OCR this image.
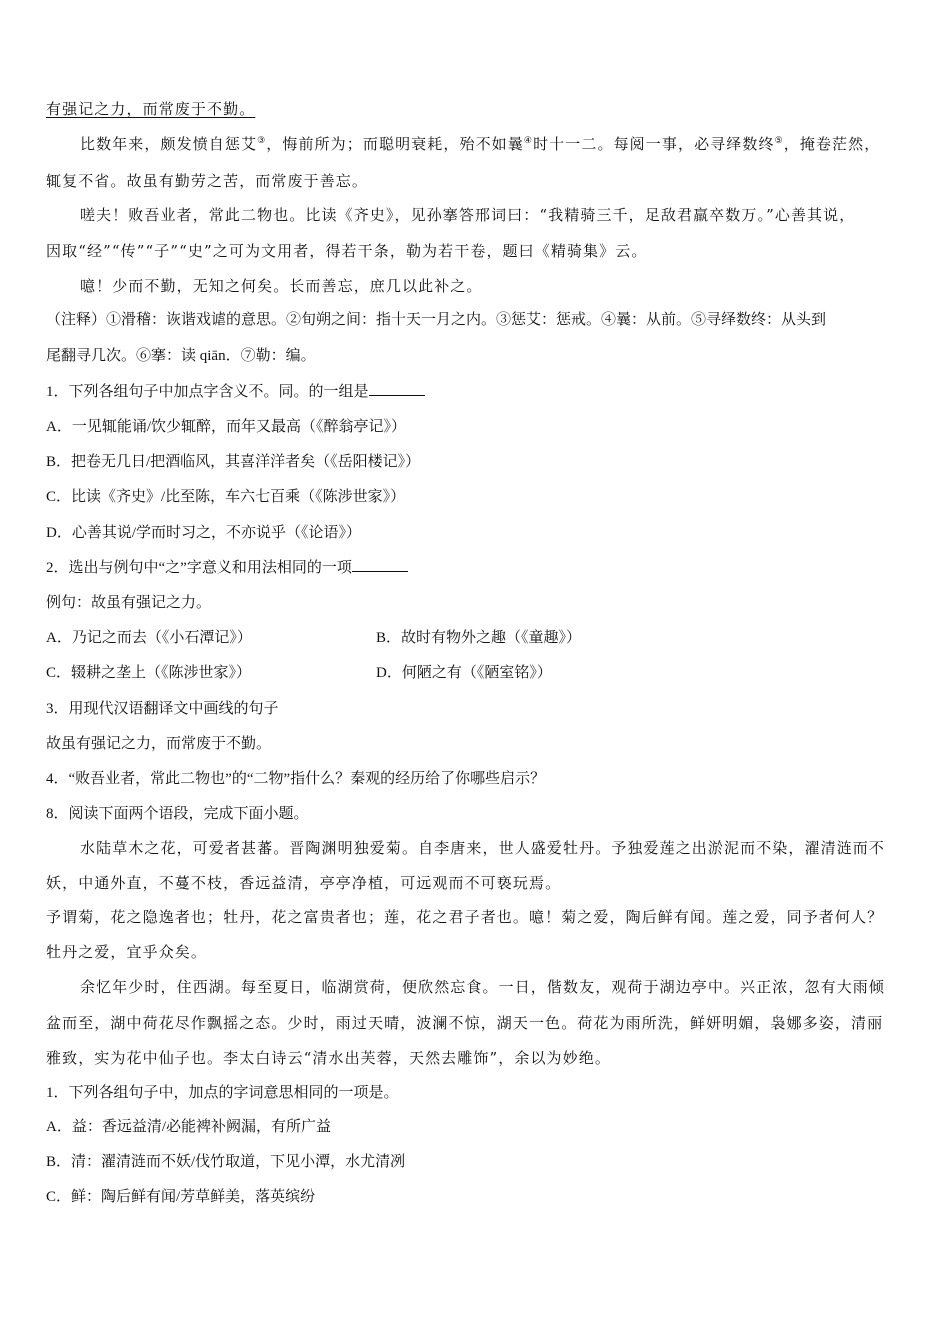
有强记之力，而常废于不勤。
比数年来，颇发愤自惩艾③，悔前所为；而聪明衰耗，殆不如曩④时十一二。每阅一事，必寻绎数终⑤，掩卷茫然，
辄复不省。故虽有勤劳之苦，而常废于善忘。
嗟夫！败吾业者，常此二物也。比读《齐史》，见孙搴答邢词曰：“我精骑三千，足敌君羸卒数万。”心善其说，
因取“经”“传”“子”“史”之可为文用者，得若干条，勒为若干卷，题曰《精骑集》云。
噫！少而不勤，无知之何矣。长而善忘，庶几以此补之。
（注释）①滑稽：诙谐戏谑的意思。②旬朔之间：指十天一月之内。③惩艾：惩戒。④曩：从前。⑤寻绎数终：从头到
尾翻寻几次。⑥搴：读 qiān．⑦勒：编。
1．下列各组句子中加点字含义不。同。的一组是
A．一见辄能诵/饮少辄醉，而年又最高（《醉翁亭记》）
B．把卷无几日/把酒临风，其喜洋洋者矣（《岳阳楼记》）
C．比读《齐史》/比至陈，车六七百乘（《陈涉世家》）
D．心善其说/学而时习之，不亦说乎（《论语》）
2．选出与例句中“之”字意义和用法相同的一项
例句：故虽有强记之力。
A．乃记之而去（《小石潭记》）	B．故时有物外之趣（《童趣》）
C．辍耕之垄上（《陈涉世家》）	D．何陋之有（《陋室铭》）
3．用现代汉语翻译文中画线的句子
故虽有强记之力，而常废于不勤。
4．“败吾业者，常此二物也”的“二物”指什么？秦观的经历给了你哪些启示？
8．阅读下面两个语段，完成下面小题。
水陆草木之花，可爱者甚蕃。晋陶渊明独爱菊。自李唐来，世人盛爱牡丹。予独爱莲之出淤泥而不染，濯清涟而不
妖，中通外直，不蔓不枝，香远益清，亭亭净植，可远观而不可亵玩焉。
予谓菊，花之隐逸者也；牡丹，花之富贵者也；莲，花之君子者也。噫！菊之爱，陶后鲜有闻。莲之爱，同予者何人？
牡丹之爱，宜乎众矣。
余忆年少时，住西湖。每至夏日，临湖赏荷，便欣然忘食。一日，偕数友，观荷于湖边亭中。兴正浓，忽有大雨倾
盆而至，湖中荷花尽作飘摇之态。少时，雨过天晴，波澜不惊，湖天一色。荷花为雨所洗，鲜妍明媚，袅娜多姿，清丽
雅致，实为花中仙子也。李太白诗云“清水出芙蓉，天然去雕饰”，余以为妙绝。
1．下列各组句子中，加点的字词意思相同的一项是。
A．益：香远益清/必能裨补阙漏，有所广益
B．清：濯清涟而不妖/伐竹取道，下见小潭，水尤清冽
C．鲜：陶后鲜有闻/芳草鲜美，落英缤纷
